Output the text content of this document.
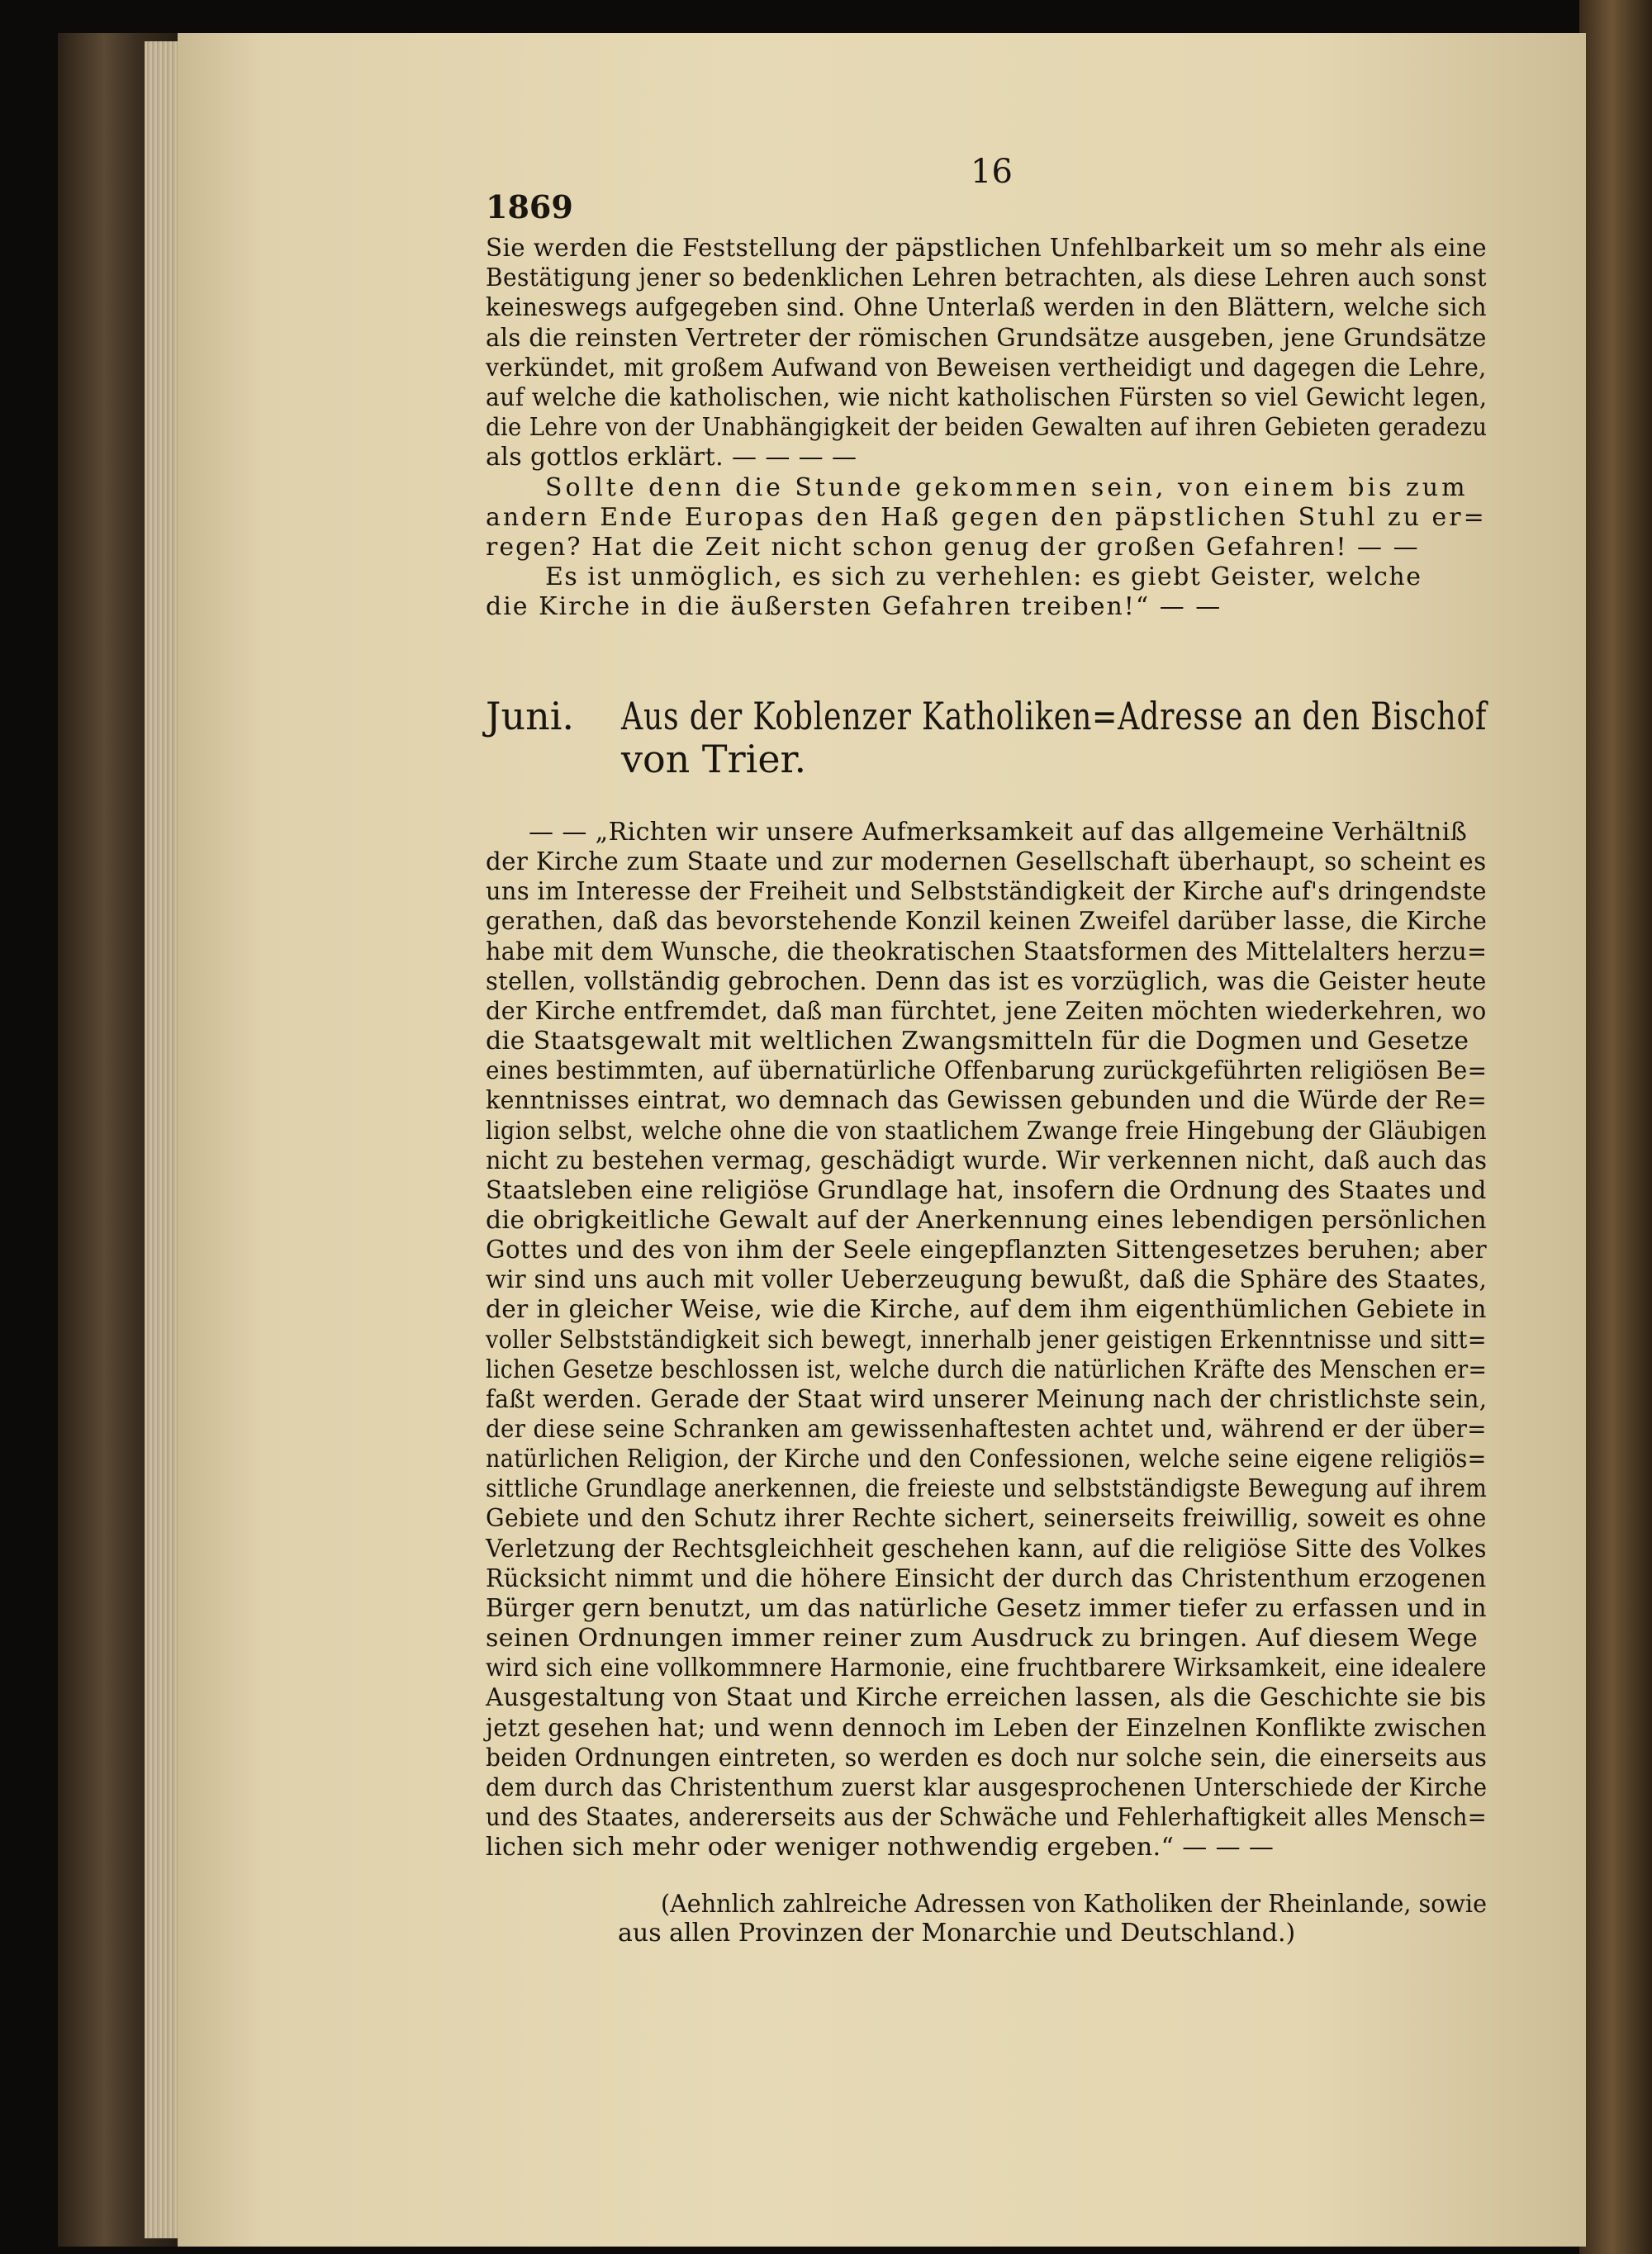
16
1869
Sie werden die Feststellung der päpstlichen Unfehlbarkeit um so mehr als eine
Bestätigung jener so bedenklichen Lehren betrachten, als diese Lehren auch sonst
keineswegs aufgegeben sind. Ohne Unterlaß werden in den Blättern, welche sich
als die reinsten Vertreter der römischen Grundsätze ausgeben, jene Grundsätze
verkündet, mit großem Aufwand von Beweisen vertheidigt und dagegen die Lehre,
auf welche die katholischen, wie nicht katholischen Fürsten so viel Gewicht legen,
die Lehre von der Unabhängigkeit der beiden Gewalten auf ihren Gebieten geradezu
als gottlos erklärt. — — — —
Sollte denn die Stunde gekommen sein, von einem bis zum
andern Ende Europas den Haß gegen den päpstlichen Stuhl zu er=
regen? Hat die Zeit nicht schon genug der großen Gefahren! — —
Es ist unmöglich, es sich zu verhehlen: es giebt Geister, welche
die Kirche in die äußersten Gefahren treiben!“ — —
Juni. Aus der Koblenzer Katholiken=Adresse an den Bischof
von Trier.
— — „Richten wir unsere Aufmerksamkeit auf das allgemeine Verhältniß
der Kirche zum Staate und zur modernen Gesellschaft überhaupt, so scheint es
uns im Interesse der Freiheit und Selbstständigkeit der Kirche auf's dringendste
gerathen, daß das bevorstehende Konzil keinen Zweifel darüber lasse, die Kirche
habe mit dem Wunsche, die theokratischen Staatsformen des Mittelalters herzu=
stellen, vollständig gebrochen. Denn das ist es vorzüglich, was die Geister heute
der Kirche entfremdet, daß man fürchtet, jene Zeiten möchten wiederkehren, wo
die Staatsgewalt mit weltlichen Zwangsmitteln für die Dogmen und Gesetze
eines bestimmten, auf übernatürliche Offenbarung zurückgeführten religiösen Be=
kenntnisses eintrat, wo demnach das Gewissen gebunden und die Würde der Re=
ligion selbst, welche ohne die von staatlichem Zwange freie Hingebung der Gläubigen
nicht zu bestehen vermag, geschädigt wurde. Wir verkennen nicht, daß auch das
Staatsleben eine religiöse Grundlage hat, insofern die Ordnung des Staates und
die obrigkeitliche Gewalt auf der Anerkennung eines lebendigen persönlichen
Gottes und des von ihm der Seele eingepflanzten Sittengesetzes beruhen; aber
wir sind uns auch mit voller Ueberzeugung bewußt, daß die Sphäre des Staates,
der in gleicher Weise, wie die Kirche, auf dem ihm eigenthümlichen Gebiete in
voller Selbstständigkeit sich bewegt, innerhalb jener geistigen Erkenntnisse und sitt=
lichen Gesetze beschlossen ist, welche durch die natürlichen Kräfte des Menschen er=
faßt werden. Gerade der Staat wird unserer Meinung nach der christlichste sein,
der diese seine Schranken am gewissenhaftesten achtet und, während er der über=
natürlichen Religion, der Kirche und den Confessionen, welche seine eigene religiös=
sittliche Grundlage anerkennen, die freieste und selbstständigste Bewegung auf ihrem
Gebiete und den Schutz ihrer Rechte sichert, seinerseits freiwillig, soweit es ohne
Verletzung der Rechtsgleichheit geschehen kann, auf die religiöse Sitte des Volkes
Rücksicht nimmt und die höhere Einsicht der durch das Christenthum erzogenen
Bürger gern benutzt, um das natürliche Gesetz immer tiefer zu erfassen und in
seinen Ordnungen immer reiner zum Ausdruck zu bringen. Auf diesem Wege
wird sich eine vollkommnere Harmonie, eine fruchtbarere Wirksamkeit, eine idealere
Ausgestaltung von Staat und Kirche erreichen lassen, als die Geschichte sie bis
jetzt gesehen hat; und wenn dennoch im Leben der Einzelnen Konflikte zwischen
beiden Ordnungen eintreten, so werden es doch nur solche sein, die einerseits aus
dem durch das Christenthum zuerst klar ausgesprochenen Unterschiede der Kirche
und des Staates, andererseits aus der Schwäche und Fehlerhaftigkeit alles Mensch=
lichen sich mehr oder weniger nothwendig ergeben.“ — — —
(Aehnlich zahlreiche Adressen von Katholiken der Rheinlande, sowie
aus allen Provinzen der Monarchie und Deutschland.)
